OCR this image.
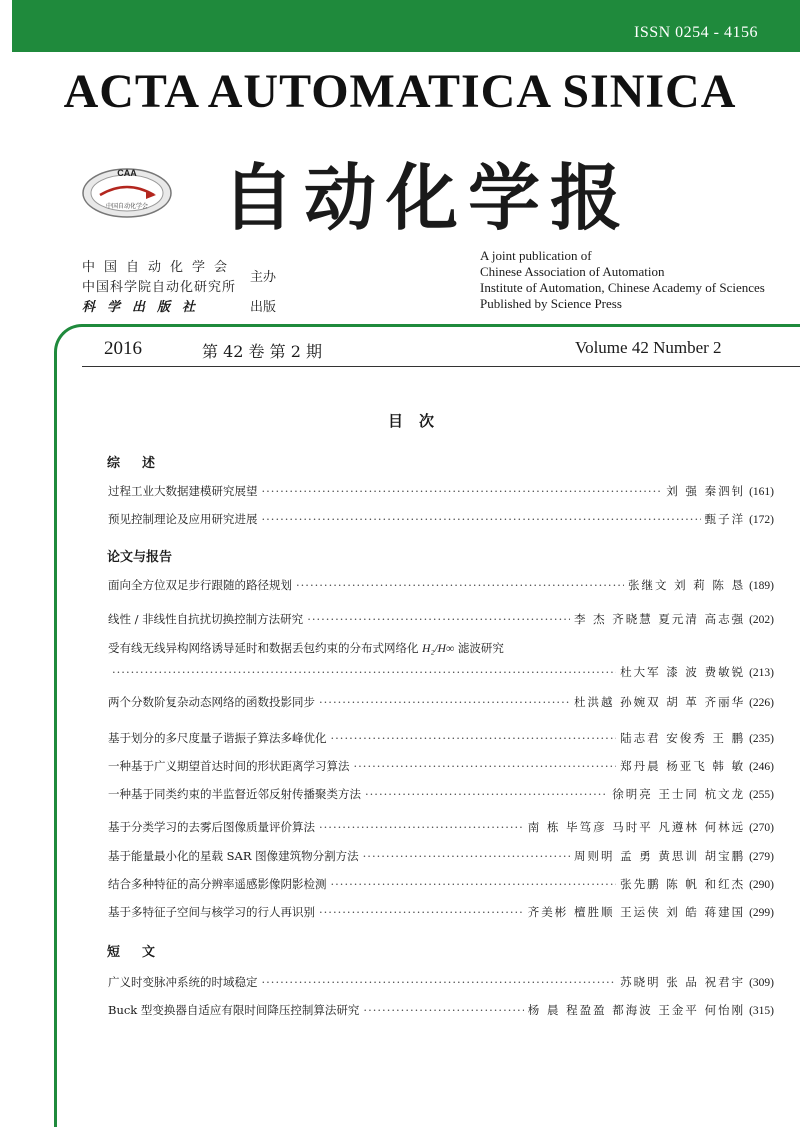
ISSN 0254 - 4156
ACTA AUTOMATICA SINICA
CAA
中国自动化学会 自动化学报
中国自动化学会
中国科学院自动化研究所
科学出版社	出版
主办
A joint publication of
Chinese Association of Automation
Institute of Automation, Chinese Academy of Sciences
Published by Science Press
2016	第 42 卷 第 2 期	Volume 42 Number 2
目次
综述
过程工业大数据建模研究展望 ·····	刘 强 秦泗钊 (161)
预见控制理论及应用研究进展 ·····	甄子洋 (172)
论文与报告
面向全方位双足步行跟随的路径规划 ·····	张继文 刘 莉 陈 恳 (189)
线性 / 非线性自抗扰切换控制方法研究 ·····	李 杰 齐晓慧 夏元清 高志强 (202)
受有线无线异构网络诱导延时和数据丢包约束的分布式网络化 H₂/H∞ 滤波研究
·····
杜大军 漆 波 费敏锐 (213)
两个分数阶复杂动态网络的函数投影同步 ·····	杜洪越 孙婉双 胡 革 齐丽华 (226)
基于划分的多尺度量子谐振子算法多峰优化 ·····	陆志君 安俊秀 王 鹏 (235)
一种基于广义期望首达时间的形状距离学习算法 ·····	郑丹晨 杨亚飞 韩 敏 (246)
一种基于同类约束的半监督近邻反射传播聚类方法 ·····	徐明亮 王士同 杭文龙 (255)
基于分类学习的去雾后图像质量评价算法 ·····	南 栋 毕笃彦 马时平 凡遵林 何林远 (270)
基于能量最小化的星载 SAR 图像建筑物分割方法 ·····	周则明 孟 勇 黄思训 胡宝鹏 (279)
结合多种特征的高分辨率遥感影像阴影检测 ·····	张先鹏 陈 帆 和红杰 (290)
基于多特征子空间与核学习的行人再识别 ·····	齐美彬 檀胜顺 王运侠 刘 皓 蒋建国 (299)
短文
广义时变脉冲系统的时域稳定 ·····	苏晓明 张 品 祝君宇 (309)
Buck 型变换器自适应有限时间降压控制算法研究 ·····	杨 晨 程盈盈 都海波 王金平 何怡刚 (315)
